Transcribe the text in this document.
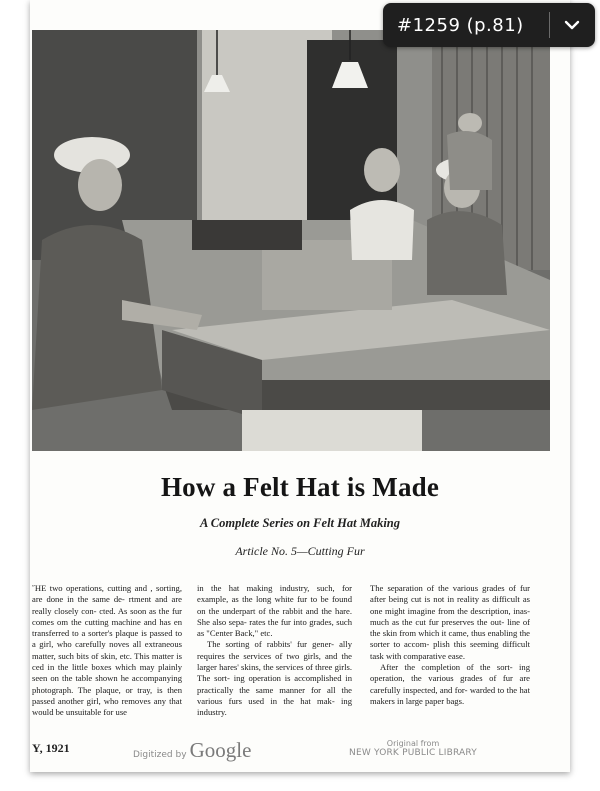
How a Felt Hat is Made
A Complete Series on Felt Hat Making
Article No. 5—Cutting Fur

˝HE two operations, cutting and , sorting, are done in the same de- rtment and are really closely con- cted. As soon as the fur comes om the cutting machine and has en transferred to a sorter's plaque is passed to a girl, who carefully noves all extraneous matter, such bits of skin, etc. This matter is ced in the little boxes which may plainly seen on the table shown he accompanying photograph. The plaque, or tray, is then passed another girl, who removes any that would be unsuitable for use

in the hat making industry, such, for example, as the long white fur to be found on the underpart of the rabbit and the hare. She also sepa- rates the fur into grades, such as "Center Back," etc.

The sorting of rabbits' fur gener- ally requires the services of two girls, and the larger hares' skins, the services of three girls. The sort- ing operation is accomplished in practically the same manner for all the various furs used in the hat mak- ing industry.

The separation of the various grades of fur after being cut is not in reality as difficult as one might imagine from the description, inas- much as the cut fur preserves the out- line of the skin from which it came, thus enabling the sorter to accom- plish this seeming difficult task with comparative ease.

After the completion of the sort- ing operation, the various grades of fur are carefully inspected, and for- warded to the hat makers in large paper bags.

Y, 1921	Digitized by Google	Original from
NEW YORK PUBLIC LIBRARY
#1259 (p.81)
